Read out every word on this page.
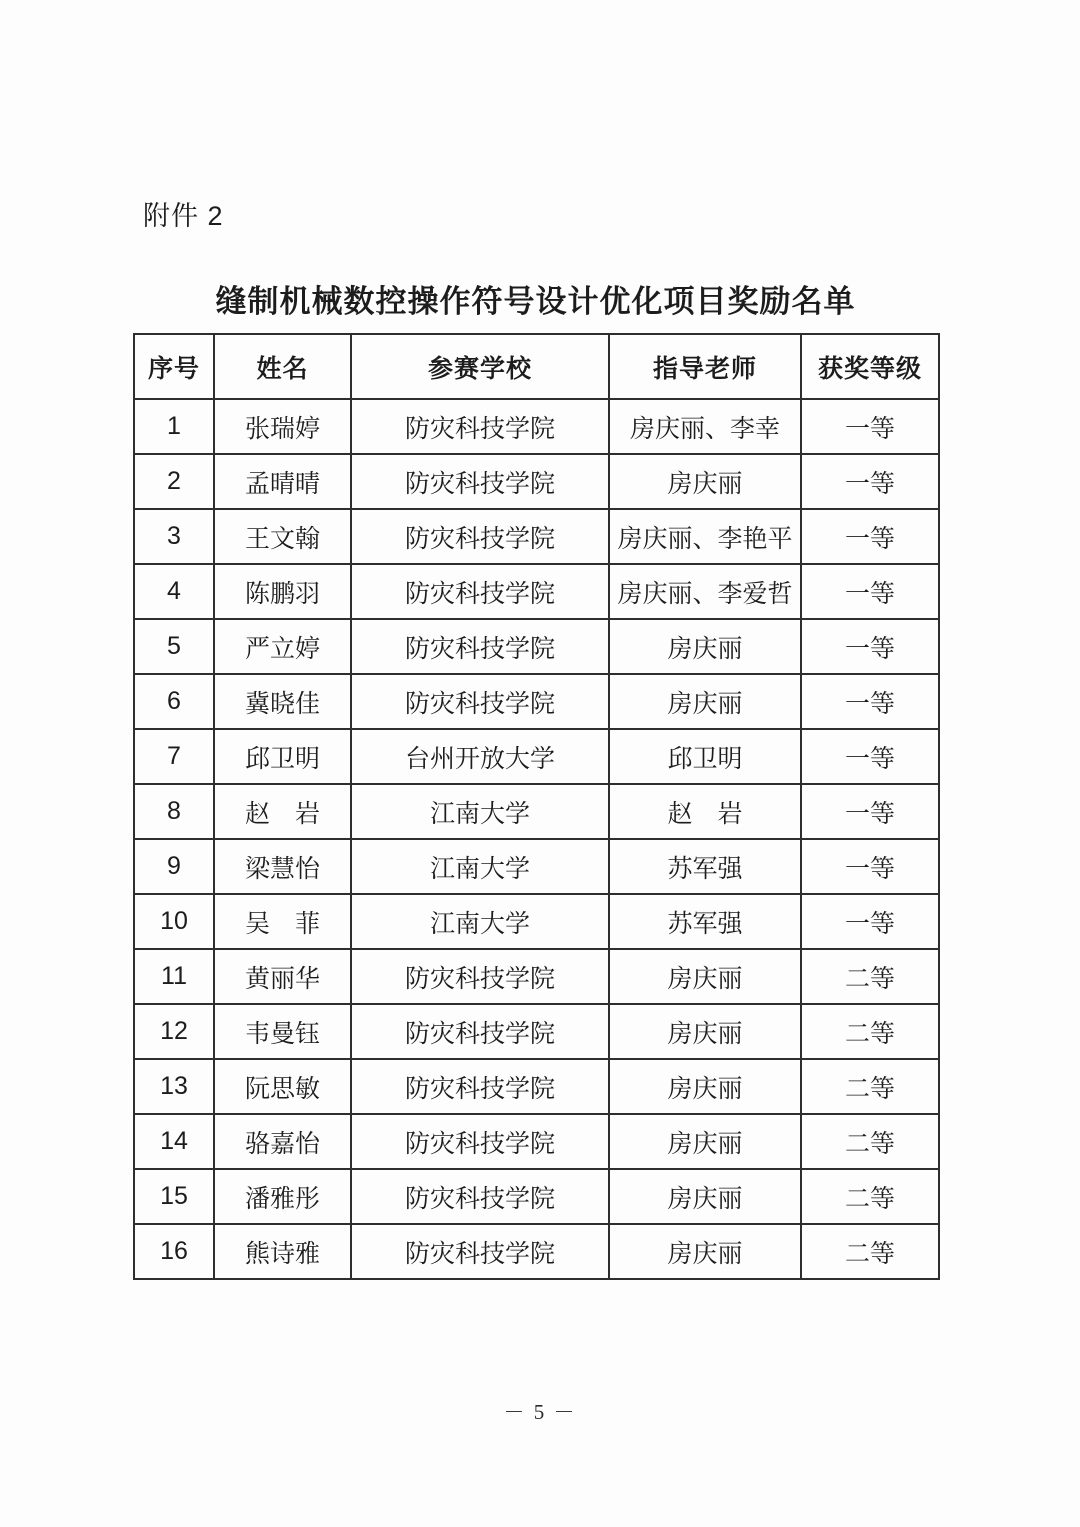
附件 2
缝制机械数控操作符号设计优化项目奖励名单
序号	姓名	参赛学校	指导老师	获奖等级
1	张瑞婷	防灾科技学院	房庆丽、李幸	一等
2	孟晴晴	防灾科技学院	房庆丽	一等
3	王文翰	防灾科技学院	房庆丽、李艳平	一等
4	陈鹏羽	防灾科技学院	房庆丽、李爱哲	一等
5	严立婷	防灾科技学院	房庆丽	一等
6	冀晓佳	防灾科技学院	房庆丽	一等
7	邱卫明	台州开放大学	邱卫明	一等
8	赵　岩	江南大学	赵　岩	一等
9	梁慧怡	江南大学	苏军强	一等
10	吴　菲	江南大学	苏军强	一等
11	黄丽华	防灾科技学院	房庆丽	二等
12	韦曼钰	防灾科技学院	房庆丽	二等
13	阮思敏	防灾科技学院	房庆丽	二等
14	骆嘉怡	防灾科技学院	房庆丽	二等
15	潘雅彤	防灾科技学院	房庆丽	二等
16	熊诗雅	防灾科技学院	房庆丽	二等
－ 5 －
